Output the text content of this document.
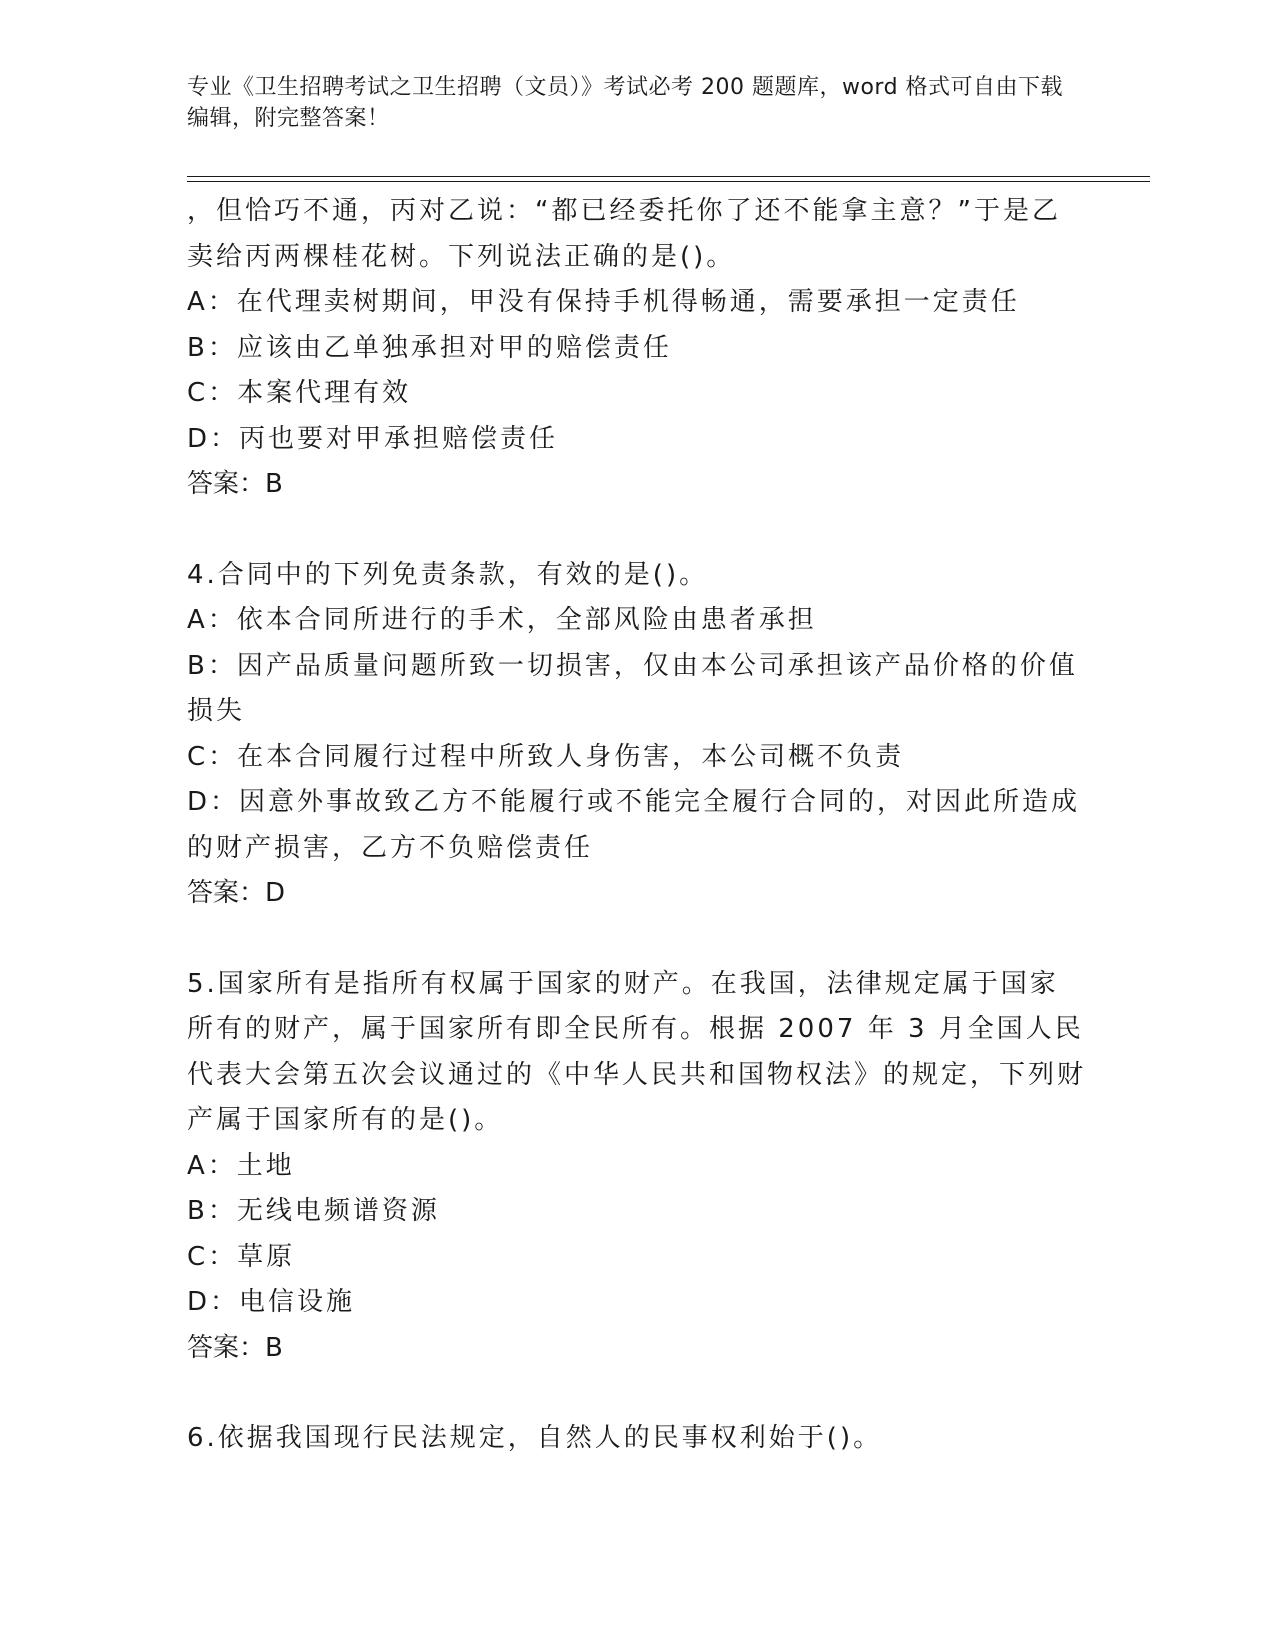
专业《卫生招聘考试之卫生招聘（文员）》考试必考 200 题题库，word 格式可自由下载编辑，附完整答案！

，但恰巧不通，丙对乙说：“都已经委托你了还不能拿主意？”于是乙卖给丙两棵桂花树。下列说法正确的是()。

A：在代理卖树期间，甲没有保持手机得畅通，需要承担一定责任

B：应该由乙单独承担对甲的赔偿责任

C：本案代理有效

D：丙也要对甲承担赔偿责任

答案：B

4.合同中的下列免责条款，有效的是()。

A：依本合同所进行的手术，全部风险由患者承担

B：因产品质量问题所致一切损害，仅由本公司承担该产品价格的价值损失

C：在本合同履行过程中所致人身伤害，本公司概不负责

D：因意外事故致乙方不能履行或不能完全履行合同的，对因此所造成的财产损害，乙方不负赔偿责任

答案：D

5.国家所有是指所有权属于国家的财产。在我国，法律规定属于国家所有的财产，属于国家所有即全民所有。根据 2007 年 3 月全国人民代表大会第五次会议通过的《中华人民共和国物权法》的规定，下列财产属于国家所有的是()。

A：土地

B：无线电频谱资源

C：草原

D：电信设施

答案：B

6.依据我国现行民法规定，自然人的民事权利始于()。
